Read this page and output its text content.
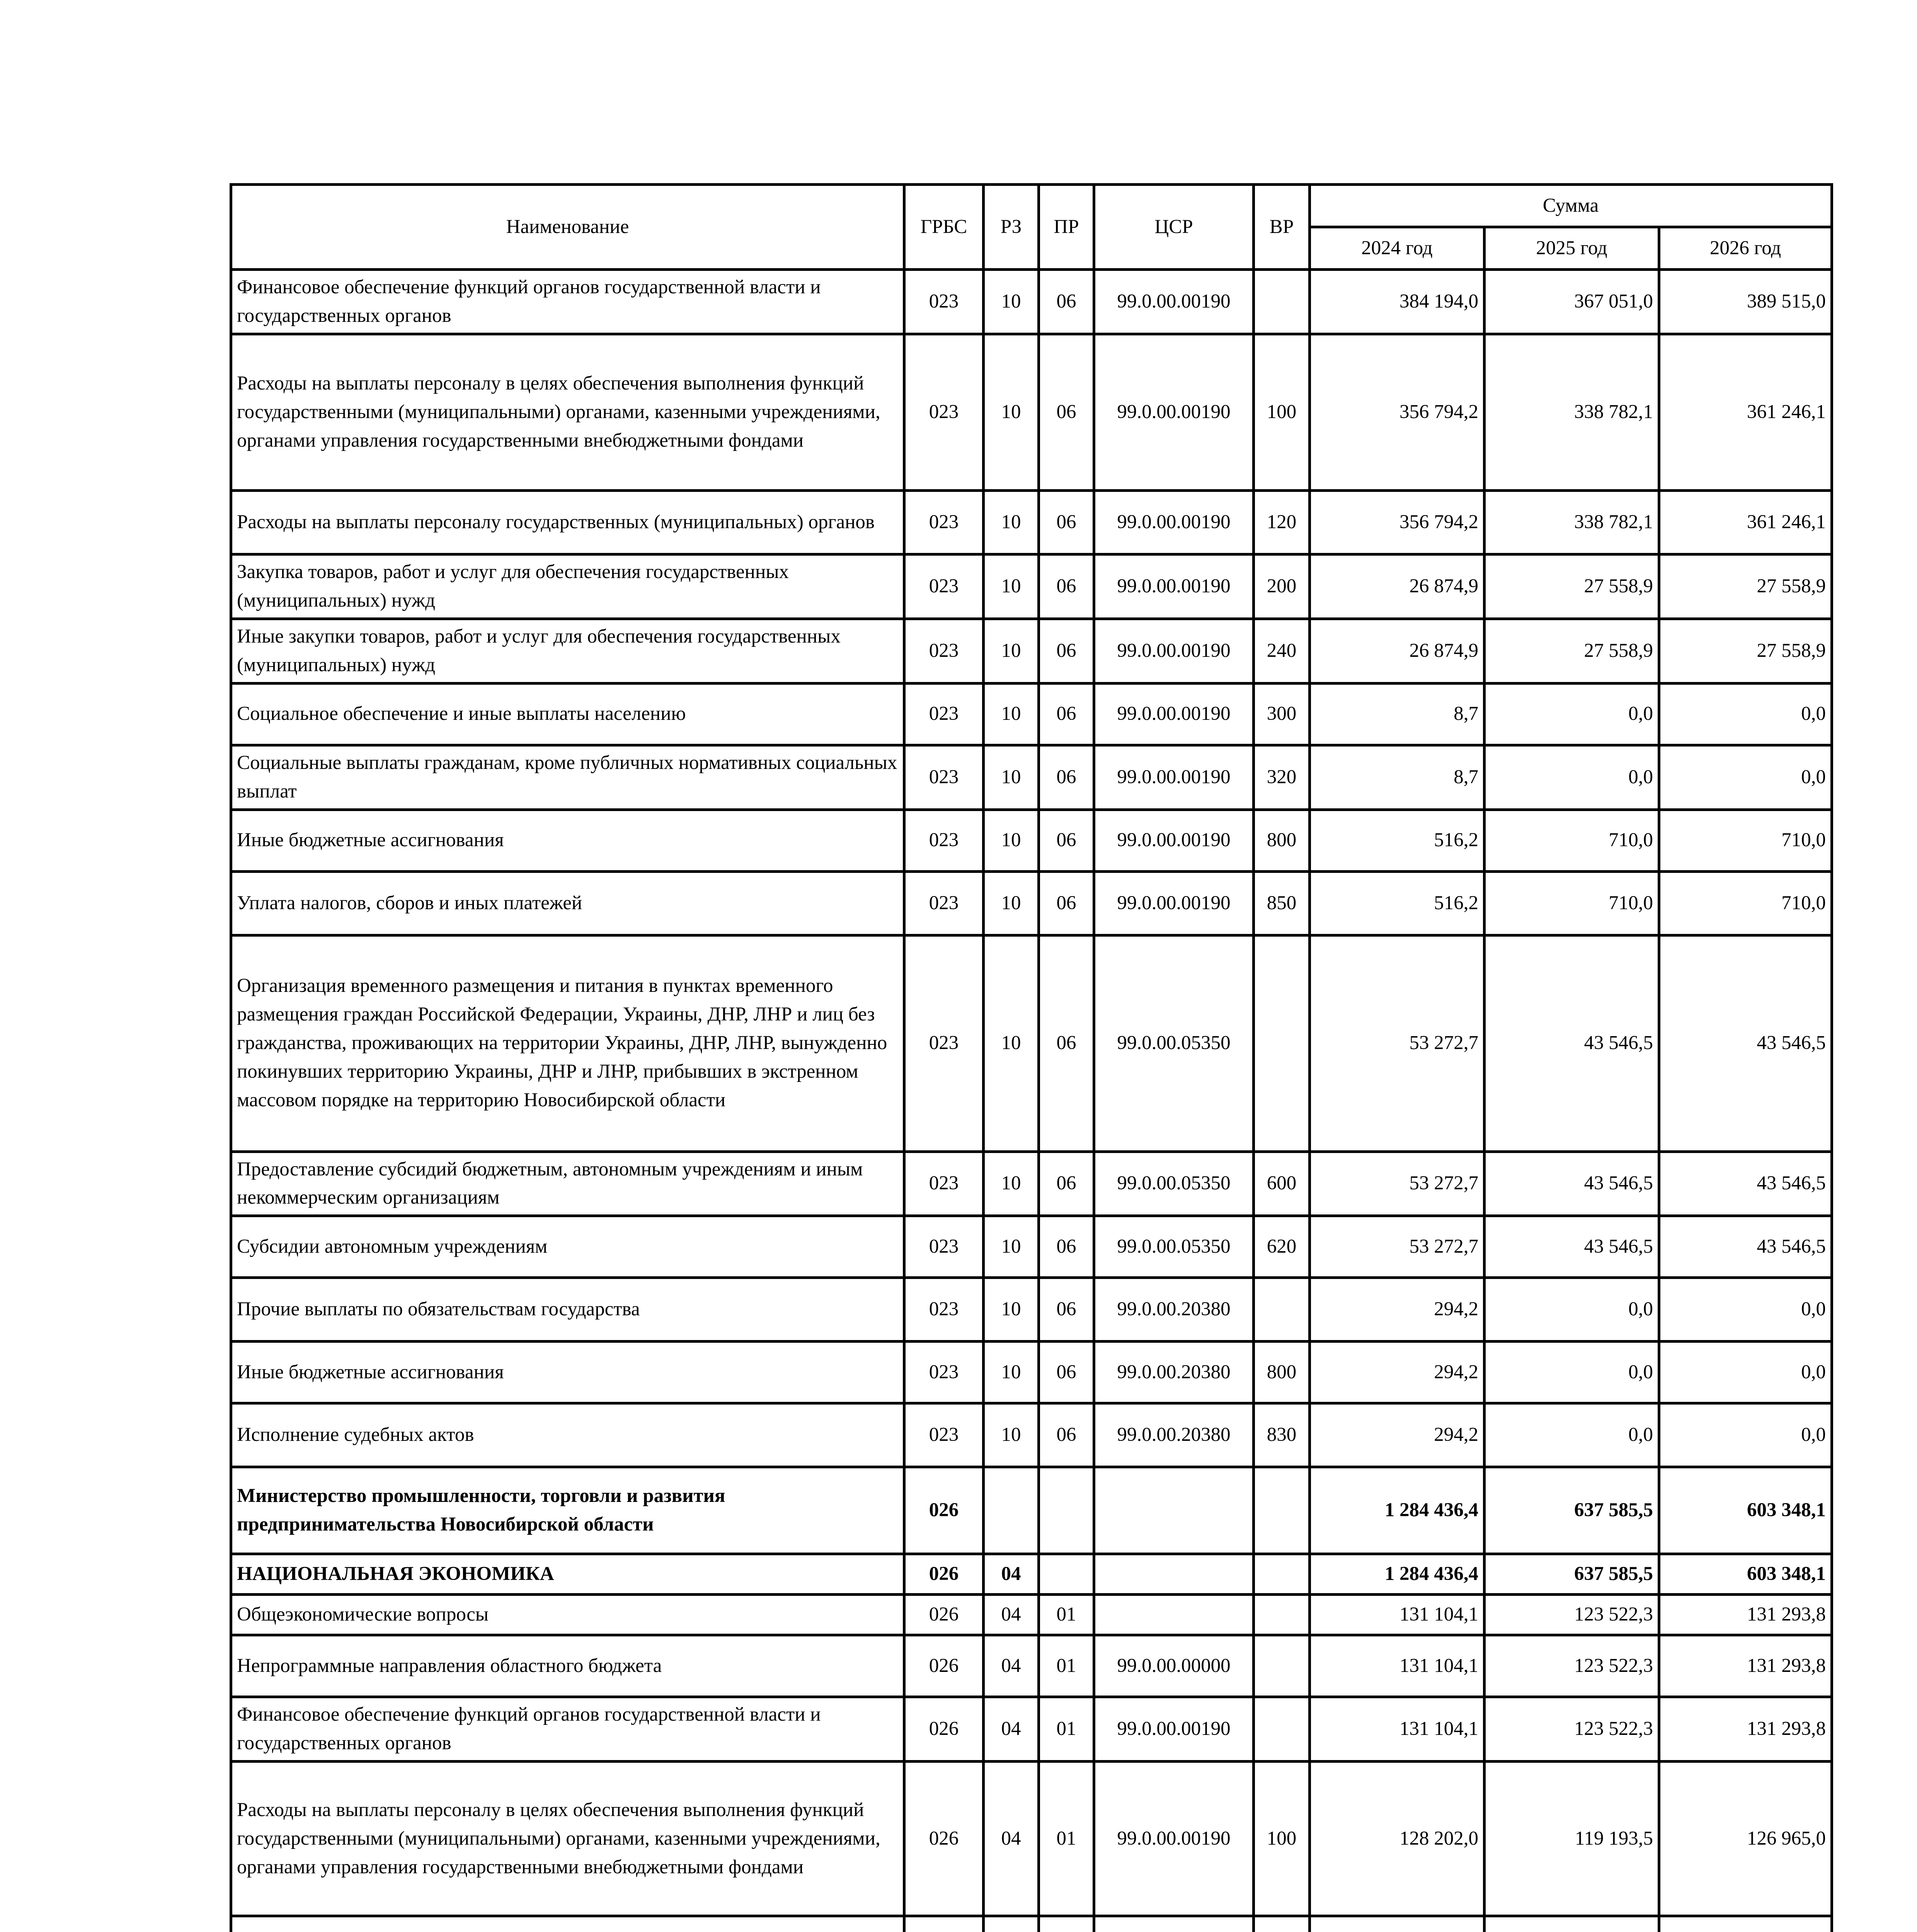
Наименование	ГРБС	РЗ	ПР	ЦСР	ВР	Сумма		
						2024 год	2025 год	2026 год
Финансовое обеспечение функций органов государственной власти и государственных органов	023	10	06	99.0.00.00190		384 194,0	367 051,0	389 515,0
Расходы на выплаты персоналу в целях обеспечения выполнения функций государственными (муниципальными) органами, казенными учреждениями, органами управления государственными внебюджетными фондами	023	10	06	99.0.00.00190	100	356 794,2	338 782,1	361 246,1
Расходы на выплаты персоналу государственных (муниципальных) органов	023	10	06	99.0.00.00190	120	356 794,2	338 782,1	361 246,1
Закупка товаров, работ и услуг для обеспечения государственных (муниципальных) нужд	023	10	06	99.0.00.00190	200	26 874,9	27 558,9	27 558,9
Иные закупки товаров, работ и услуг для обеспечения государственных (муниципальных) нужд	023	10	06	99.0.00.00190	240	26 874,9	27 558,9	27 558,9
Социальное обеспечение и иные выплаты населению	023	10	06	99.0.00.00190	300	8,7	0,0	0,0
Социальные выплаты гражданам, кроме публичных нормативных социальных выплат	023	10	06	99.0.00.00190	320	8,7	0,0	0,0
Иные бюджетные ассигнования	023	10	06	99.0.00.00190	800	516,2	710,0	710,0
Уплата налогов, сборов и иных платежей	023	10	06	99.0.00.00190	850	516,2	710,0	710,0
Организация временного размещения и питания в пунктах временного размещения граждан Российской Федерации, Украины, ДНР, ЛНР и лиц без гражданства, проживающих на территории Украины, ДНР, ЛНР, вынужденно покинувших территорию Украины, ДНР и ЛНР, прибывших в экстренном массовом порядке на территорию Новосибирской области	023	10	06	99.0.00.05350		53 272,7	43 546,5	43 546,5
Предоставление субсидий бюджетным, автономным учреждениям и иным некоммерческим организациям	023	10	06	99.0.00.05350	600	53 272,7	43 546,5	43 546,5
Субсидии автономным учреждениям	023	10	06	99.0.00.05350	620	53 272,7	43 546,5	43 546,5
Прочие выплаты по обязательствам государства	023	10	06	99.0.00.20380		294,2	0,0	0,0
Иные бюджетные ассигнования	023	10	06	99.0.00.20380	800	294,2	0,0	0,0
Исполнение судебных актов	023	10	06	99.0.00.20380	830	294,2	0,0	0,0
Министерство промышленности, торговли и развития предпринимательства Новосибирской области	026					1 284 436,4	637 585,5	603 348,1
НАЦИОНАЛЬНАЯ ЭКОНОМИКА	026	04				1 284 436,4	637 585,5	603 348,1
Общеэкономические вопросы	026	04	01			131 104,1	123 522,3	131 293,8
Непрограммные направления областного бюджета	026	04	01	99.0.00.00000		131 104,1	123 522,3	131 293,8
Финансовое обеспечение функций органов государственной власти и государственных органов	026	04	01	99.0.00.00190		131 104,1	123 522,3	131 293,8
Расходы на выплаты персоналу в целях обеспечения выполнения функций государственными (муниципальными) органами, казенными учреждениями, органами управления государственными внебюджетными фондами	026	04	01	99.0.00.00190	100	128 202,0	119 193,5	126 965,0
